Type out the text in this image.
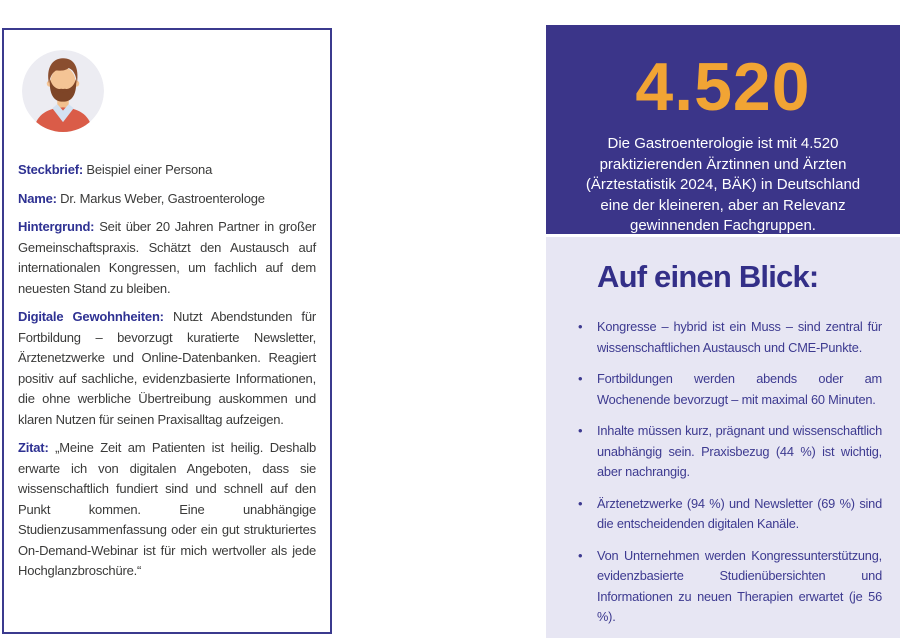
Steckbrief: Beispiel einer Persona

Name: Dr. Markus Weber, Gastroenterologe

Hintergrund: Seit über 20 Jahren Partner in großer Gemeinschaftspraxis. Schätzt den Austausch auf internationalen Kongressen, um fachlich auf dem neuesten Stand zu bleiben.

Digitale Gewohnheiten: Nutzt Abendstunden für Fortbildung – bevorzugt kuratierte Newsletter, Ärztenetzwerke und Online-Datenbanken. Reagiert positiv auf sachliche, evidenzbasierte Informationen, die ohne werbliche Übertreibung auskommen und klaren Nutzen für seinen Praxisalltag aufzeigen.

Zitat: „Meine Zeit am Patienten ist heilig. Deshalb erwarte ich von digitalen Angeboten, dass sie wissenschaftlich fundiert sind und schnell auf den Punkt kommen. Eine unabhängige Studienzusammenfassung oder ein gut strukturiertes On-Demand-Webinar ist für mich wertvoller als jede Hochglanzbroschüre.“

4.520
Die Gastroenterologie ist mit 4.520 praktizierenden Ärztinnen und Ärzten (Ärztestatistik 2024, BÄK) in Deutschland eine der kleineren, aber an Relevanz gewinnenden Fachgruppen.
Auf einen Blick:
• Kongresse – hybrid ist ein Muss – sind zentral für wissenschaftlichen Austausch und CME-Punkte.
• Fortbildungen werden abends oder am Wochenende bevorzugt – mit maximal 60 Minuten.
• Inhalte müssen kurz, prägnant und wissenschaftlich unabhängig sein. Praxisbezug (44 %) ist wichtig, aber nachrangig.
• Ärztenetzwerke (94 %) und Newsletter (69 %) sind die entscheidenden digitalen Kanäle.
• Von Unternehmen werden Kongressunterstützung, evidenzbasierte Studienübersichten und Informationen zu neuen Therapien erwartet (je 56 %).
